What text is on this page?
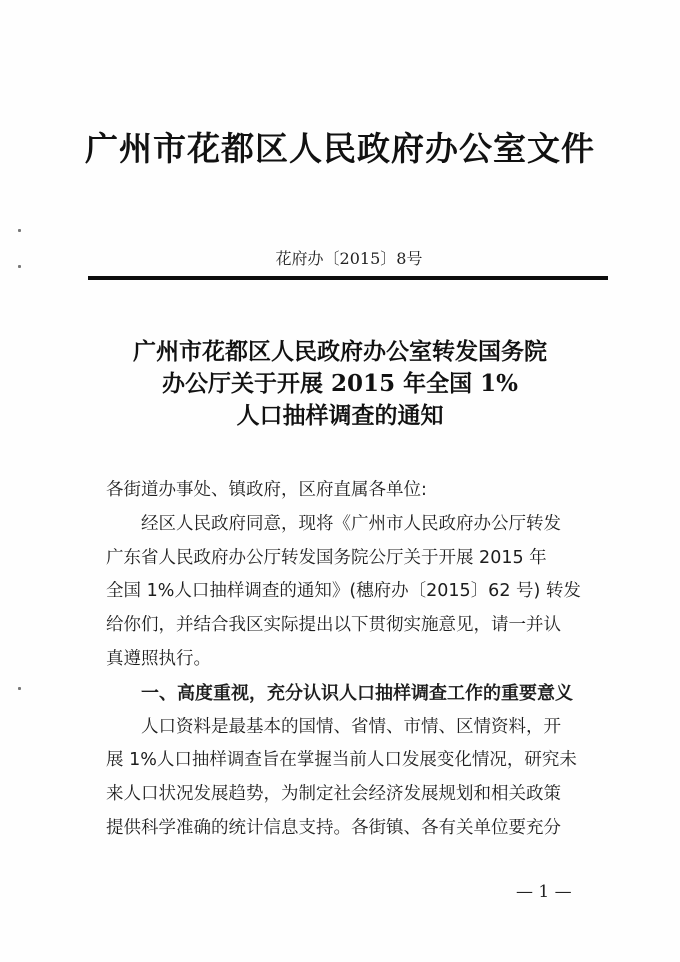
广州市花都区人民政府办公室文件
花府办〔2015〕8号
广州市花都区人民政府办公室转发国务院
办公厅关于开展 2015 年全国 1%
人口抽样调查的通知
各街道办事处、镇政府，区府直属各单位:
经区人民政府同意，现将《广州市人民政府办公厅转发
广东省人民政府办公厅转发国务院公厅关于开展 2015 年
全国 1%人口抽样调查的通知》(穗府办〔2015〕62 号) 转发
给你们，并结合我区实际提出以下贯彻实施意见，请一并认
真遵照执行。
一、高度重视，充分认识人口抽样调查工作的重要意义
人口资料是最基本的国情、省情、市情、区情资料，开
展 1%人口抽样调查旨在掌握当前人口发展变化情况，研究未
来人口状况发展趋势，为制定社会经济发展规划和相关政策
提供科学准确的统计信息支持。各街镇、各有关单位要充分
— 1 —
